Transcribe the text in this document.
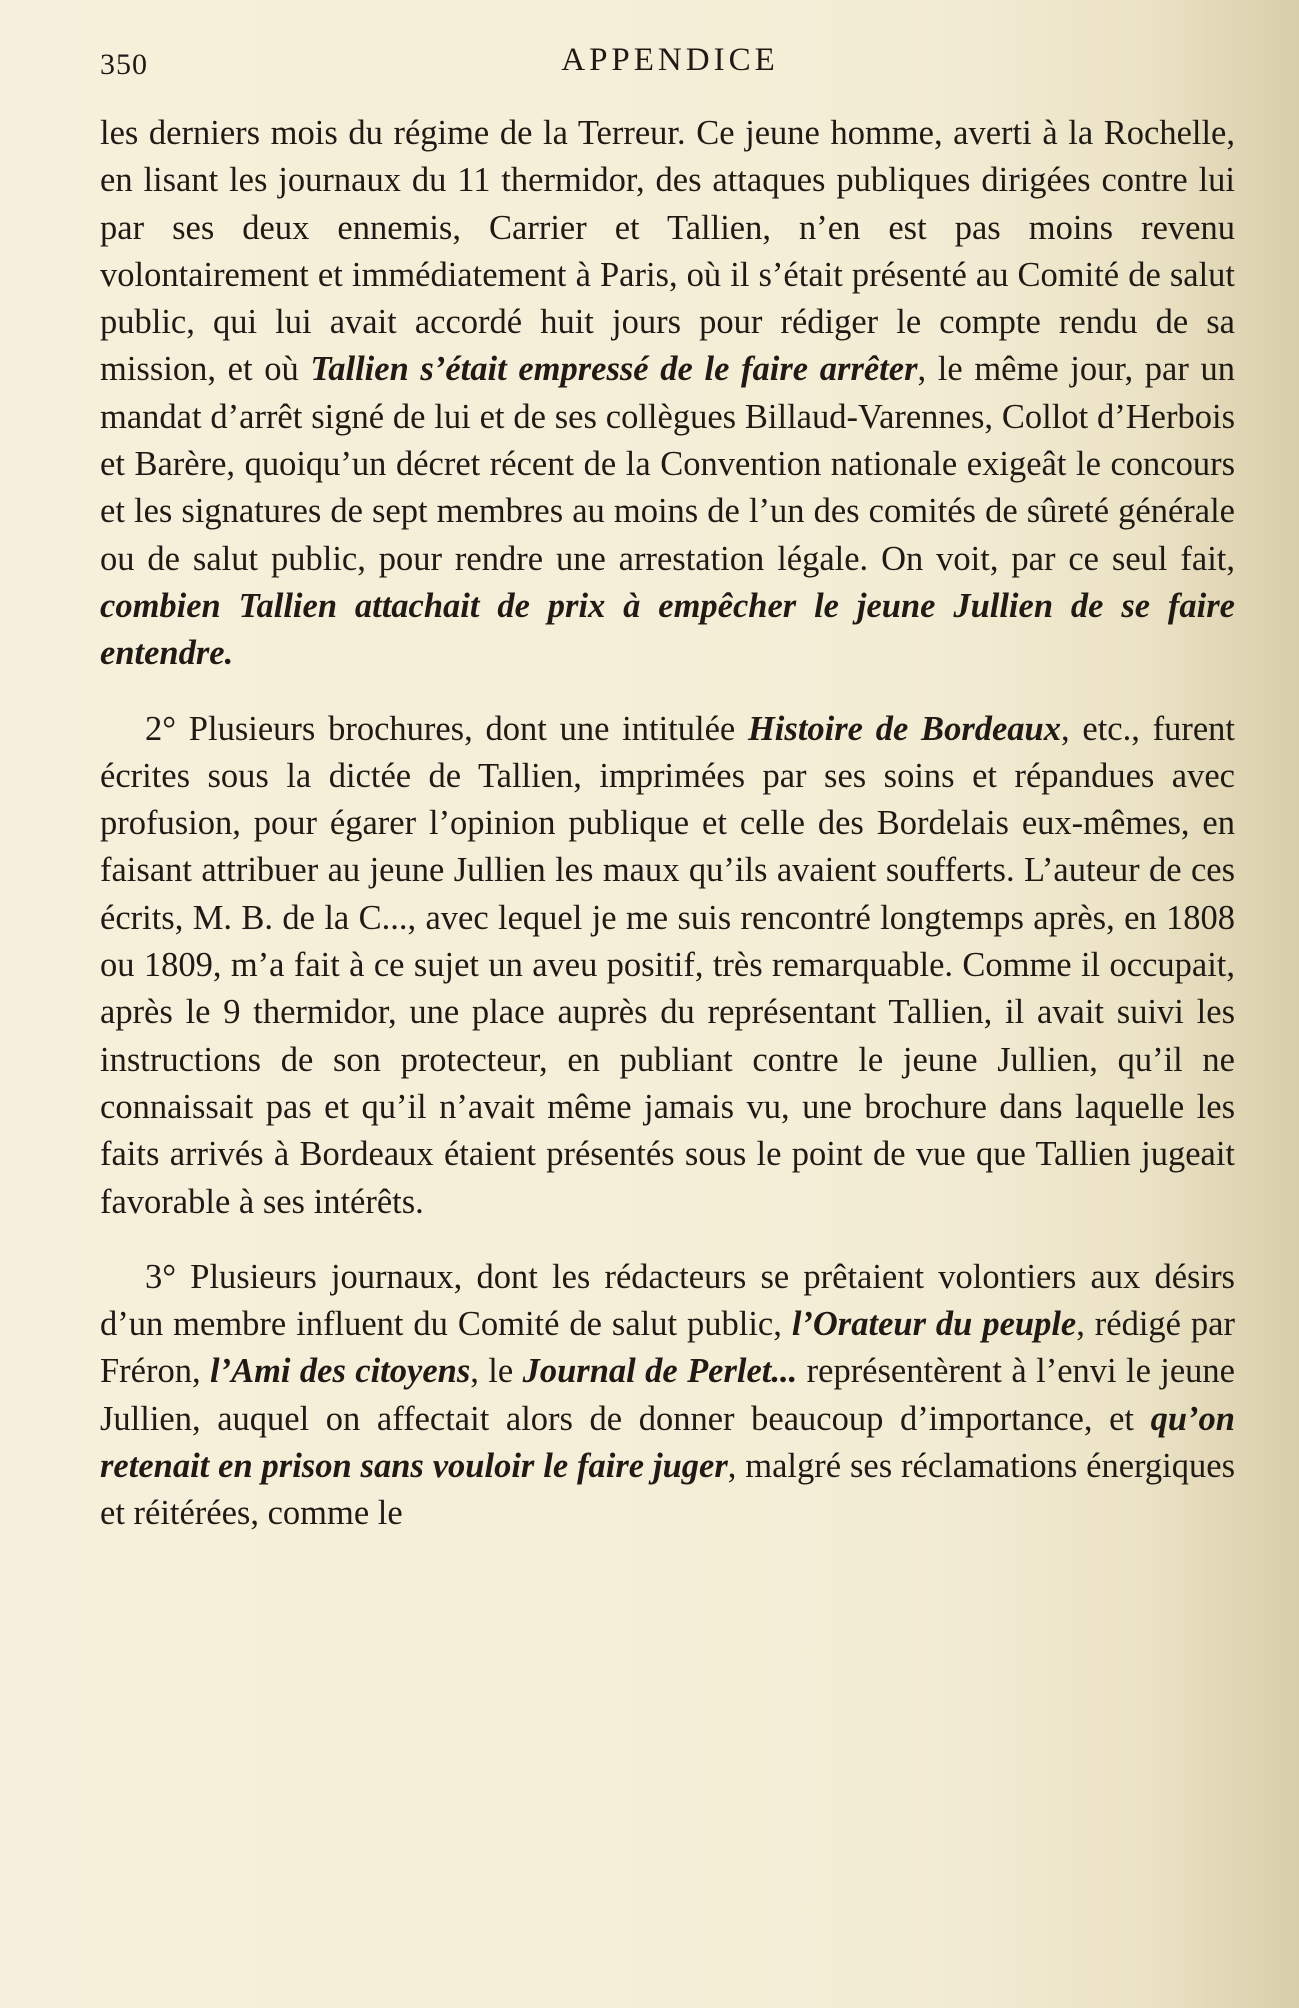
350	APPENDICE

les derniers mois du régime de la Terreur. Ce jeune homme, averti à la Rochelle, en lisant les journaux du 11 thermidor, des attaques publiques dirigées contre lui par ses deux ennemis, Carrier et Tallien, n’en est pas moins revenu volontairement et immédiatement à Paris, où il s’était présenté au Comité de salut public, qui lui avait accordé huit jours pour rédiger le compte rendu de sa mission, et où Tallien s’était empressé de le faire arrêter, le même jour, par un mandat d’arrêt signé de lui et de ses collègues Billaud-Varennes, Collot d’Herbois et Barère, quoiqu’un décret récent de la Convention nationale exigeât le concours et les signatures de sept membres au moins de l’un des comités de sûreté générale ou de salut public, pour rendre une arrestation légale. On voit, par ce seul fait, combien Tallien attachait de prix à empêcher le jeune Jullien de se faire entendre.

2° Plusieurs brochures, dont une intitulée Histoire de Bordeaux, etc., furent écrites sous la dictée de Tallien, imprimées par ses soins et répandues avec profusion, pour égarer l’opinion publique et celle des Bordelais eux-mêmes, en faisant attribuer au jeune Jullien les maux qu’ils avaient soufferts. L’auteur de ces écrits, M. B. de la C..., avec lequel je me suis rencontré longtemps après, en 1808 ou 1809, m’a fait à ce sujet un aveu positif, très remarquable. Comme il occupait, après le 9 thermidor, une place auprès du représentant Tallien, il avait suivi les instructions de son protecteur, en publiant contre le jeune Jullien, qu’il ne connaissait pas et qu’il n’avait même jamais vu, une brochure dans laquelle les faits arrivés à Bordeaux étaient présentés sous le point de vue que Tallien jugeait favorable à ses intérêts.

3° Plusieurs journaux, dont les rédacteurs se prêtaient volontiers aux désirs d’un membre influent du Comité de salut public, l’Orateur du peuple, rédigé par Fréron, l’Ami des citoyens, le Journal de Perlet... représentèrent à l’envi le jeune Jullien, auquel on affectait alors de donner beaucoup d’importance, et qu’on retenait en prison sans vouloir le faire juger, malgré ses réclamations énergiques et réitérées, comme le
